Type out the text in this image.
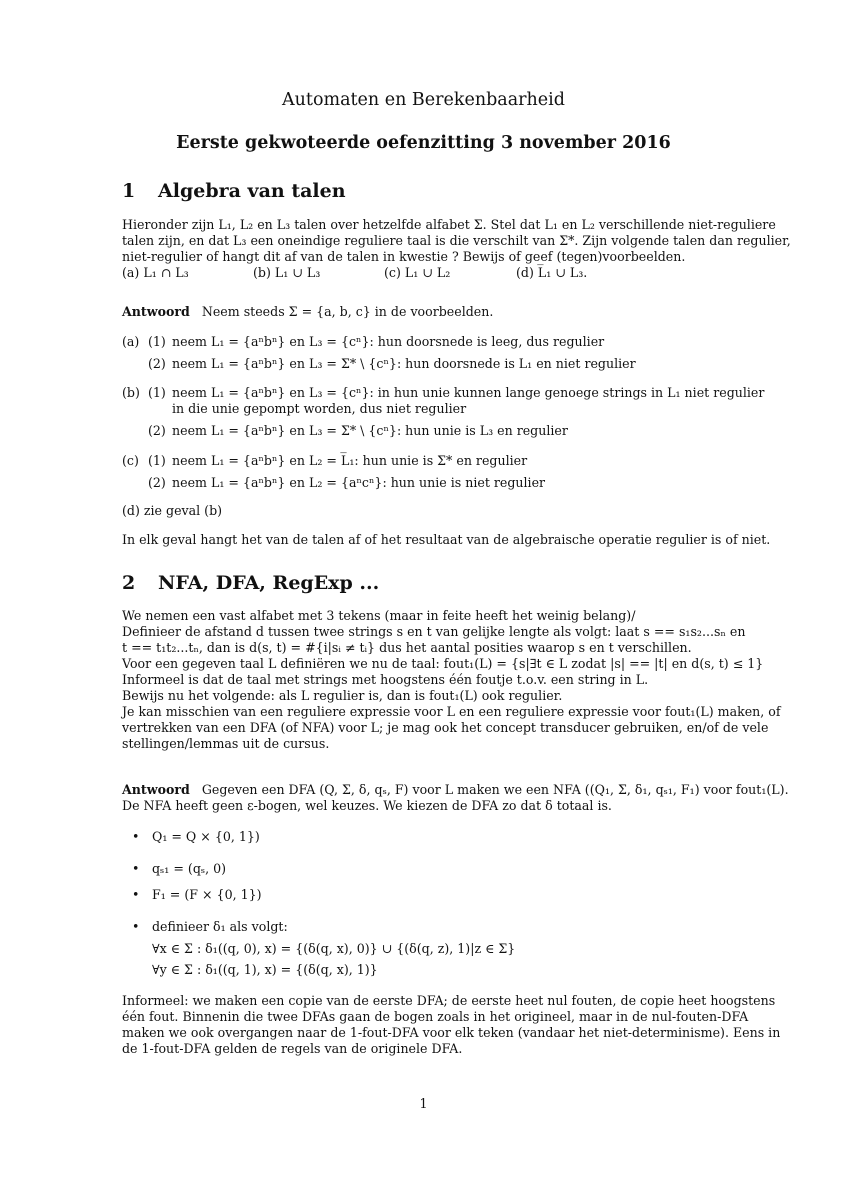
Automaten en Berekenbaarheid
Eerste gekwoteerde oefenzitting 3 november 2016
1 Algebra van talen
Hieronder zijn L₁, L₂ en L₃ talen over hetzelfde alfabet Σ. Stel dat L₁ en L₂ verschillende niet-reguliere
talen zijn, en dat L₃ een oneindige reguliere taal is die verschilt van Σ*. Zijn volgende talen dan regulier,
niet-regulier of hangt dit af van de talen in kwestie ? Bewijs of geef (tegen)voorbeelden.
(a) L₁ ∩ L₃	(b) L₁ ∪ L₃	(c) L₁ ∪ L₂	(d) L̅₁ ∪ L₃.
Antwoord Neem steeds Σ = {a, b, c} in de voorbeelden.
(a) (1) neem L₁ = {aⁿbⁿ} en L₃ = {cⁿ}: hun doorsnede is leeg, dus regulier
(2) neem L₁ = {aⁿbⁿ} en L₃ = Σ* \ {cⁿ}: hun doorsnede is L₁ en niet regulier
(b) (1) neem L₁ = {aⁿbⁿ} en L₃ = {cⁿ}: in hun unie kunnen lange genoege strings in L₁ niet regulier
in die unie gepompt worden, dus niet regulier
(2) neem L₁ = {aⁿbⁿ} en L₃ = Σ* \ {cⁿ}: hun unie is L₃ en regulier
(c) (1) neem L₁ = {aⁿbⁿ} en L₂ = L̅₁: hun unie is Σ* en regulier
(2) neem L₁ = {aⁿbⁿ} en L₂ = {aⁿcⁿ}: hun unie is niet regulier
(d) zie geval (b)
In elk geval hangt het van de talen af of het resultaat van de algebraische operatie regulier is of niet.
2 NFA, DFA, RegExp ...
We nemen een vast alfabet met 3 tekens (maar in feite heeft het weinig belang)/
Definieer de afstand d tussen twee strings s en t van gelijke lengte als volgt: laat s == s₁s₂...sₙ en
t == t₁t₂...tₙ, dan is d(s, t) = #{i|sᵢ ≠ tᵢ} dus het aantal posities waarop s en t verschillen.
Voor een gegeven taal L definiëren we nu de taal: fout₁(L) = {s|∃t ∈ L zodat |s| == |t| en d(s, t) ≤ 1}
Informeel is dat de taal met strings met hoogstens één foutje t.o.v. een string in L.
Bewijs nu het volgende: als L regulier is, dan is fout₁(L) ook regulier.
Je kan misschien van een reguliere expressie voor L en een reguliere expressie voor fout₁(L) maken, of
vertrekken van een DFA (of NFA) voor L; je mag ook het concept transducer gebruiken, en/of de vele
stellingen/lemmas uit de cursus.
Antwoord Gegeven een DFA (Q, Σ, δ, qₛ, F) voor L maken we een NFA ((Q₁, Σ, δ₁, qₛ₁, F₁) voor fout₁(L).
De NFA heeft geen ε-bogen, wel keuzes. We kiezen de DFA zo dat δ totaal is.
• Q₁ = Q × {0, 1})
• qₛ₁ = (qₛ, 0)
• F₁ = (F × {0, 1})
• definieer δ₁ als volgt:
∀x ∈ Σ : δ₁((q, 0), x) = {(δ(q, x), 0)} ∪ {(δ(q, z), 1)|z ∈ Σ}
∀y ∈ Σ : δ₁((q, 1), x) = {(δ(q, x), 1)}
Informeel: we maken een copie van de eerste DFA; de eerste heet nul fouten, de copie heet hoogstens
één fout. Binnenin die twee DFAs gaan de bogen zoals in het origineel, maar in de nul-fouten-DFA
maken we ook overgangen naar de 1-fout-DFA voor elk teken (vandaar het niet-determinisme). Eens in
de 1-fout-DFA gelden de regels van de originele DFA.
1
